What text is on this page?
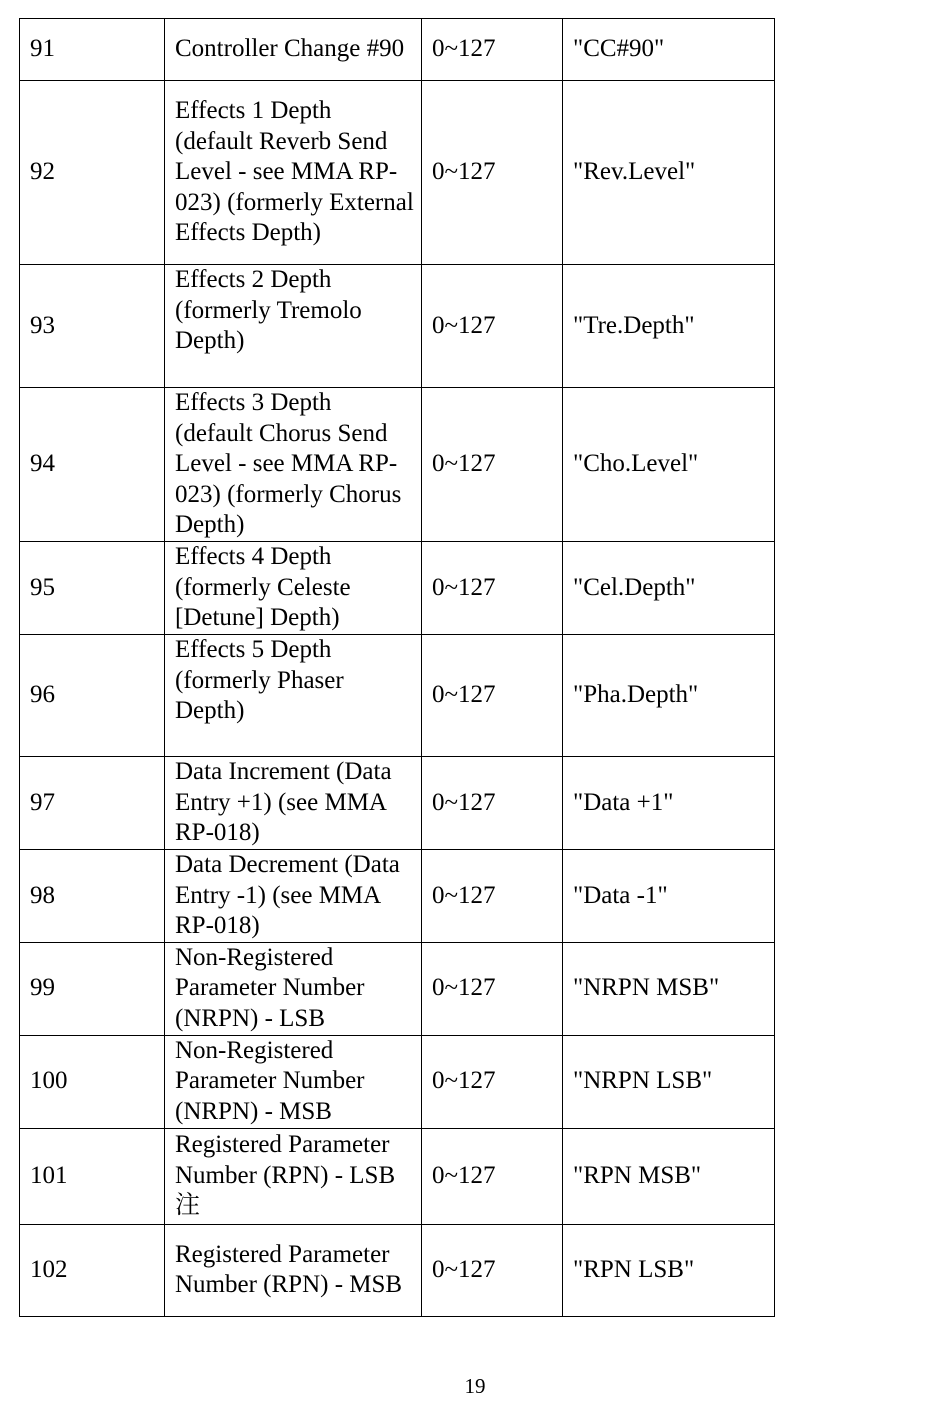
91	Controller Change #90	0~127	"CC#90"
92	Effects 1 Depth (default Reverb Send Level - see MMA RP-023) (formerly External Effects Depth)	0~127	"Rev.Level"
93	Effects 2 Depth (formerly Tremolo Depth)	0~127	"Tre.Depth"
94	Effects 3 Depth (default Chorus Send Level - see MMA RP-023) (formerly Chorus Depth)	0~127	"Cho.Level"
95	Effects 4 Depth (formerly Celeste [Detune] Depth)	0~127	"Cel.Depth"
96	Effects 5 Depth (formerly Phaser Depth)	0~127	"Pha.Depth"
97	Data Increment (Data Entry +1) (see MMA RP-018)	0~127	"Data +1"
98	Data Decrement (Data Entry -1) (see MMA RP-018)	0~127	"Data -1"
99	Non-Registered Parameter Number (NRPN) - LSB	0~127	"NRPN MSB"
100	Non-Registered Parameter Number (NRPN) - MSB	0~127	"NRPN LSB"
101	Registered Parameter Number (RPN) - LSB 注	0~127	"RPN MSB"
102	Registered Parameter Number (RPN) - MSB	0~127	"RPN LSB"
19
